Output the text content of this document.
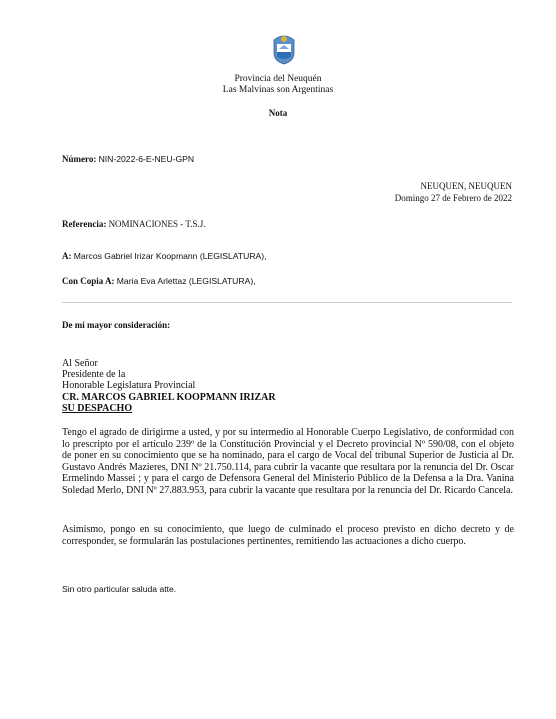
Provincia del Neuquén
Las Malvinas son Argentinas
Nota
Número: NIN-2022-6-E-NEU-GPN
NEUQUEN, NEUQUEN
Domingo 27 de Febrero de 2022
Referencia: NOMINACIONES - T.S.J.
A: Marcos Gabriel Irizar Koopmann (LEGISLATURA),
Con Copia A: Maria Eva Arlettaz (LEGISLATURA),
De mi mayor consideración:
Al Señor
Presidente de la
Honorable Legislatura Provincial
CR. MARCOS GABRIEL KOOPMANN IRIZAR
SU DESPACHO

Tengo el agrado de dirigirme a usted, y por su intermedio al Honorable Cuerpo Legislativo, de conformidad con lo prescripto por el artículo 239º de la Constitución Provincial y el Decreto provincial Nº 590/08, con el objeto de poner en su conocimiento que se ha nominado, para el cargo de Vocal del tribunal Superior de Justicia al Dr. Gustavo Andrés Mazieres, DNI Nº 21.750.114, para cubrir la vacante que resultara por la renuncia del Dr. Oscar Ermelindo Massei ; y para el cargo de Defensora General del Ministerio Público de la Defensa a la Dra. Vanina Soledad Merlo, DNI Nº 27.883.953, para cubrir la vacante que resultara por la renuncia del Dr. Ricardo Cancela.

Asimismo, pongo en su conocimiento, que luego de culminado el proceso previsto en dicho decreto y de corresponder, se formularán las postulaciones pertinentes, remitiendo las actuaciones a dicho cuerpo.

Sin otro particular saluda atte.
